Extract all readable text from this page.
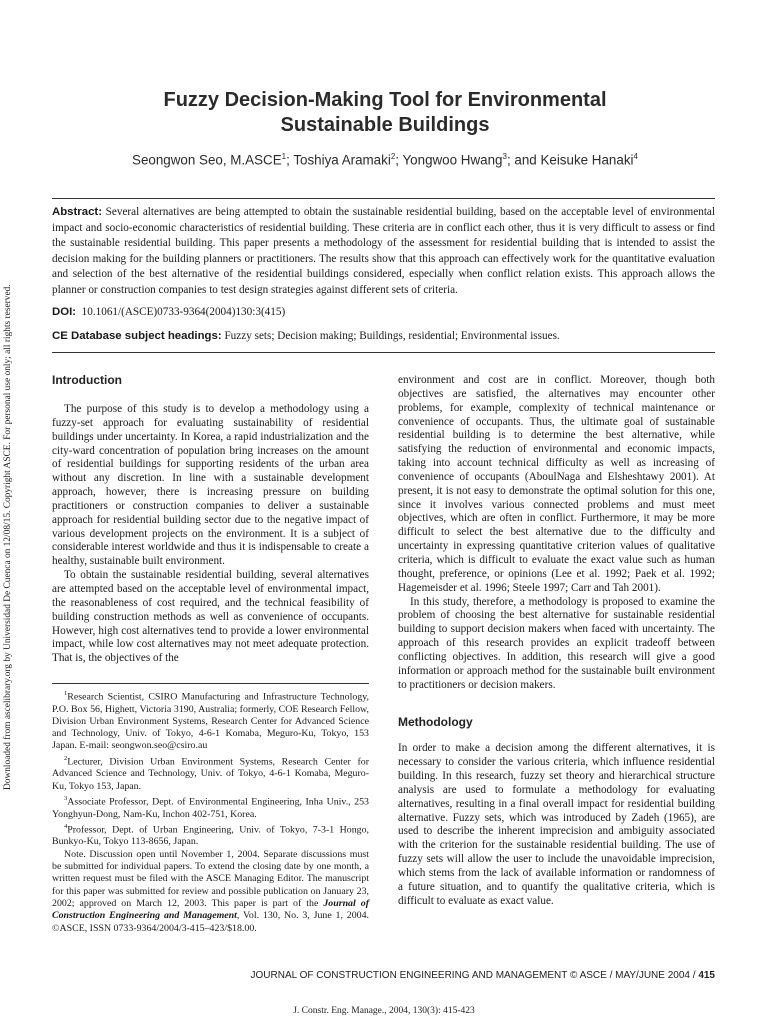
Downloaded from ascelibrary.org by Universidad De Cuenca on 12/08/15. Copyright ASCE. For personal use only; all rights reserved.
Fuzzy Decision-Making Tool for Environmental
Sustainable Buildings
Seongwon Seo, M.ASCE$^1$; Toshiya Aramaki$^2$; Yongwoo Hwang$^3$; and Keisuke Hanaki$^4$
Abstract: Several alternatives are being attempted to obtain the sustainable residential building, based on the acceptable level of environmental impact and socio-economic characteristics of residential building. These criteria are in conflict each other, thus it is very difficult to assess or find the sustainable residential building. This paper presents a methodology of the assessment for residential building that is intended to assist the decision making for the building planners or practitioners. The results show that this approach can effectively work for the quantitative evaluation and selection of the best alternative of the residential buildings considered, especially when conflict relation exists. This approach allows the planner or construction companies to test design strategies against different sets of criteria.
DOI: 10.1061/(ASCE)0733-9364(2004)130:3(415)
CE Database subject headings: Fuzzy sets; Decision making; Buildings, residential; Environmental issues.
Introduction

The purpose of this study is to develop a methodology using a fuzzy-set approach for evaluating sustainability of residential buildings under uncertainty. In Korea, a rapid industrialization and the city-ward concentration of population bring increases on the amount of residential buildings for supporting residents of the urban area without any discretion. In line with a sustainable development approach, however, there is increasing pressure on building practitioners or construction companies to deliver a sustainable approach for residential building sector due to the negative impact of various development projects on the environment. It is a subject of considerable interest worldwide and thus it is indispensable to create a healthy, sustainable built environment.

To obtain the sustainable residential building, several alternatives are attempted based on the acceptable level of environmental impact, the reasonableness of cost required, and the technical feasibility of building construction methods as well as convenience of occupants. However, high cost alternatives tend to provide a lower environmental impact, while low cost alternatives may not meet adequate protection. That is, the objectives of the

$^1$Research Scientist, CSIRO Manufacturing and Infrastructure Technology, P.O. Box 56, Highett, Victoria 3190, Australia; formerly, COE Research Fellow, Division Urban Environment Systems, Research Center for Advanced Science and Technology, Univ. of Tokyo, 4-6-1 Komaba, Meguro-Ku, Tokyo, 153 Japan. E-mail: seongwon.seo@csiro.au

$^2$Lecturer, Division Urban Environment Systems, Research Center for Advanced Science and Technology, Univ. of Tokyo, 4-6-1 Komaba, Meguro-Ku, Tokyo 153, Japan.

$^3$Associate Professor, Dept. of Environmental Engineering, Inha Univ., 253 Yonghyun-Dong, Nam-Ku, Inchon 402-751, Korea.

$^4$Professor, Dept. of Urban Engineering, Univ. of Tokyo, 7-3-1 Hongo, Bunkyo-Ku, Tokyo 113-8656, Japan.

Note. Discussion open until November 1, 2004. Separate discussions must be submitted for individual papers. To extend the closing date by one month, a written request must be filed with the ASCE Managing Editor. The manuscript for this paper was submitted for review and possible publication on January 23, 2002; approved on March 12, 2003. This paper is part of the Journal of Construction Engineering and Management, Vol. 130, No. 3, June 1, 2004. ©ASCE, ISSN 0733-9364/2004/3-415–423/$18.00.

environment and cost are in conflict. Moreover, though both objectives are satisfied, the alternatives may encounter other problems, for example, complexity of technical maintenance or convenience of occupants. Thus, the ultimate goal of sustainable residential building is to determine the best alternative, while satisfying the reduction of environmental and economic impacts, taking into account technical difficulty as well as increasing of convenience of occupants (AboulNaga and Elsheshtawy 2001). At present, it is not easy to demonstrate the optimal solution for this one, since it involves various connected problems and must meet objectives, which are often in conflict. Furthermore, it may be more difficult to select the best alternative due to the difficulty and uncertainty in expressing quantitative criterion values of qualitative criteria, which is difficult to evaluate the exact value such as human thought, preference, or opinions (Lee et al. 1992; Paek et al. 1992; Hagemeisder et al. 1996; Steele 1997; Carr and Tah 2001).

In this study, therefore, a methodology is proposed to examine the problem of choosing the best alternative for sustainable residential building to support decision makers when faced with uncertainty. The approach of this research provides an explicit tradeoff between conflicting objectives. In addition, this research will give a good information or approach method for the sustainable built environment to practitioners or decision makers.

Methodology

In order to make a decision among the different alternatives, it is necessary to consider the various criteria, which influence residential building. In this research, fuzzy set theory and hierarchical structure analysis are used to formulate a methodology for evaluating alternatives, resulting in a final overall impact for residential building alternative. Fuzzy sets, which was introduced by Zadeh (1965), are used to describe the inherent imprecision and ambiguity associated with the criterion for the sustainable residential building. The use of fuzzy sets will allow the user to include the unavoidable imprecision, which stems from the lack of available information or randomness of a future situation, and to quantify the qualitative criteria, which is difficult to evaluate as exact value.

JOURNAL OF CONSTRUCTION ENGINEERING AND MANAGEMENT © ASCE / MAY/JUNE 2004 / 415
J. Constr. Eng. Manage., 2004, 130(3): 415-423
